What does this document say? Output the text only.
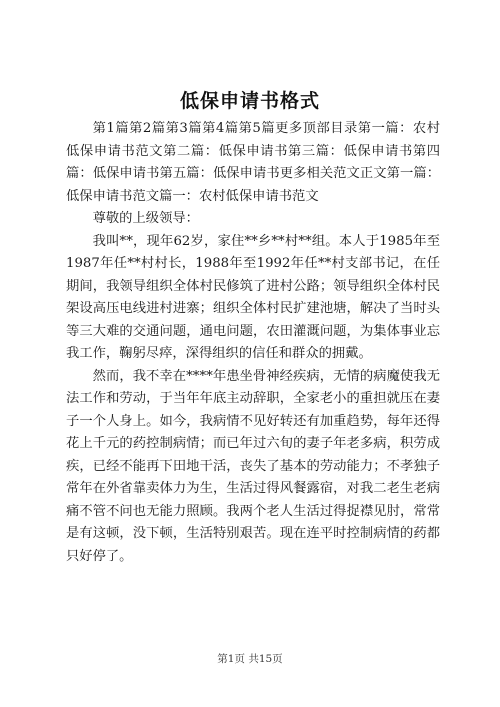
低保申请书格式

第1篇第2篇第3篇第4篇第5篇更多顶部目录第一篇：农村低保申请书范文第二篇：低保申请书第三篇：低保申请书第四篇：低保申请书第五篇：低保申请书更多相关范文正文第一篇：低保申请书范文篇一：农村低保申请书范文

尊敬的上级领导：

我叫**，现年62岁，家住**乡**村**组。本人于1985年至1987年任**村村长，1988年至1992年任**村支部书记，在任期间，我领导组织全体村民修筑了进村公路；领导组织全体村民架设高压电线进村进寨；组织全体村民扩建池塘，解决了当时头等三大难的交通问题，通电问题，农田灌溉问题，为集体事业忘我工作，鞠躬尽瘁，深得组织的信任和群众的拥戴。

然而，我不幸在****年患坐骨神经疾病，无情的病魔使我无法工作和劳动，于当年年底主动辞职，全家老小的重担就压在妻子一个人身上。如今，我病情不见好转还有加重趋势，每年还得花上千元的药控制病情；而已年过六旬的妻子年老多病，积劳成疾，已经不能再下田地干活，丧失了基本的劳动能力；不孝独子常年在外省靠卖体力为生，生活过得风餐露宿，对我二老生老病痛不管不问也无能力照顾。我两个老人生活过得捉襟见肘，常常是有这顿，没下顿，生活特别艰苦。现在连平时控制病情的药都只好停了。

第1页 共15页
